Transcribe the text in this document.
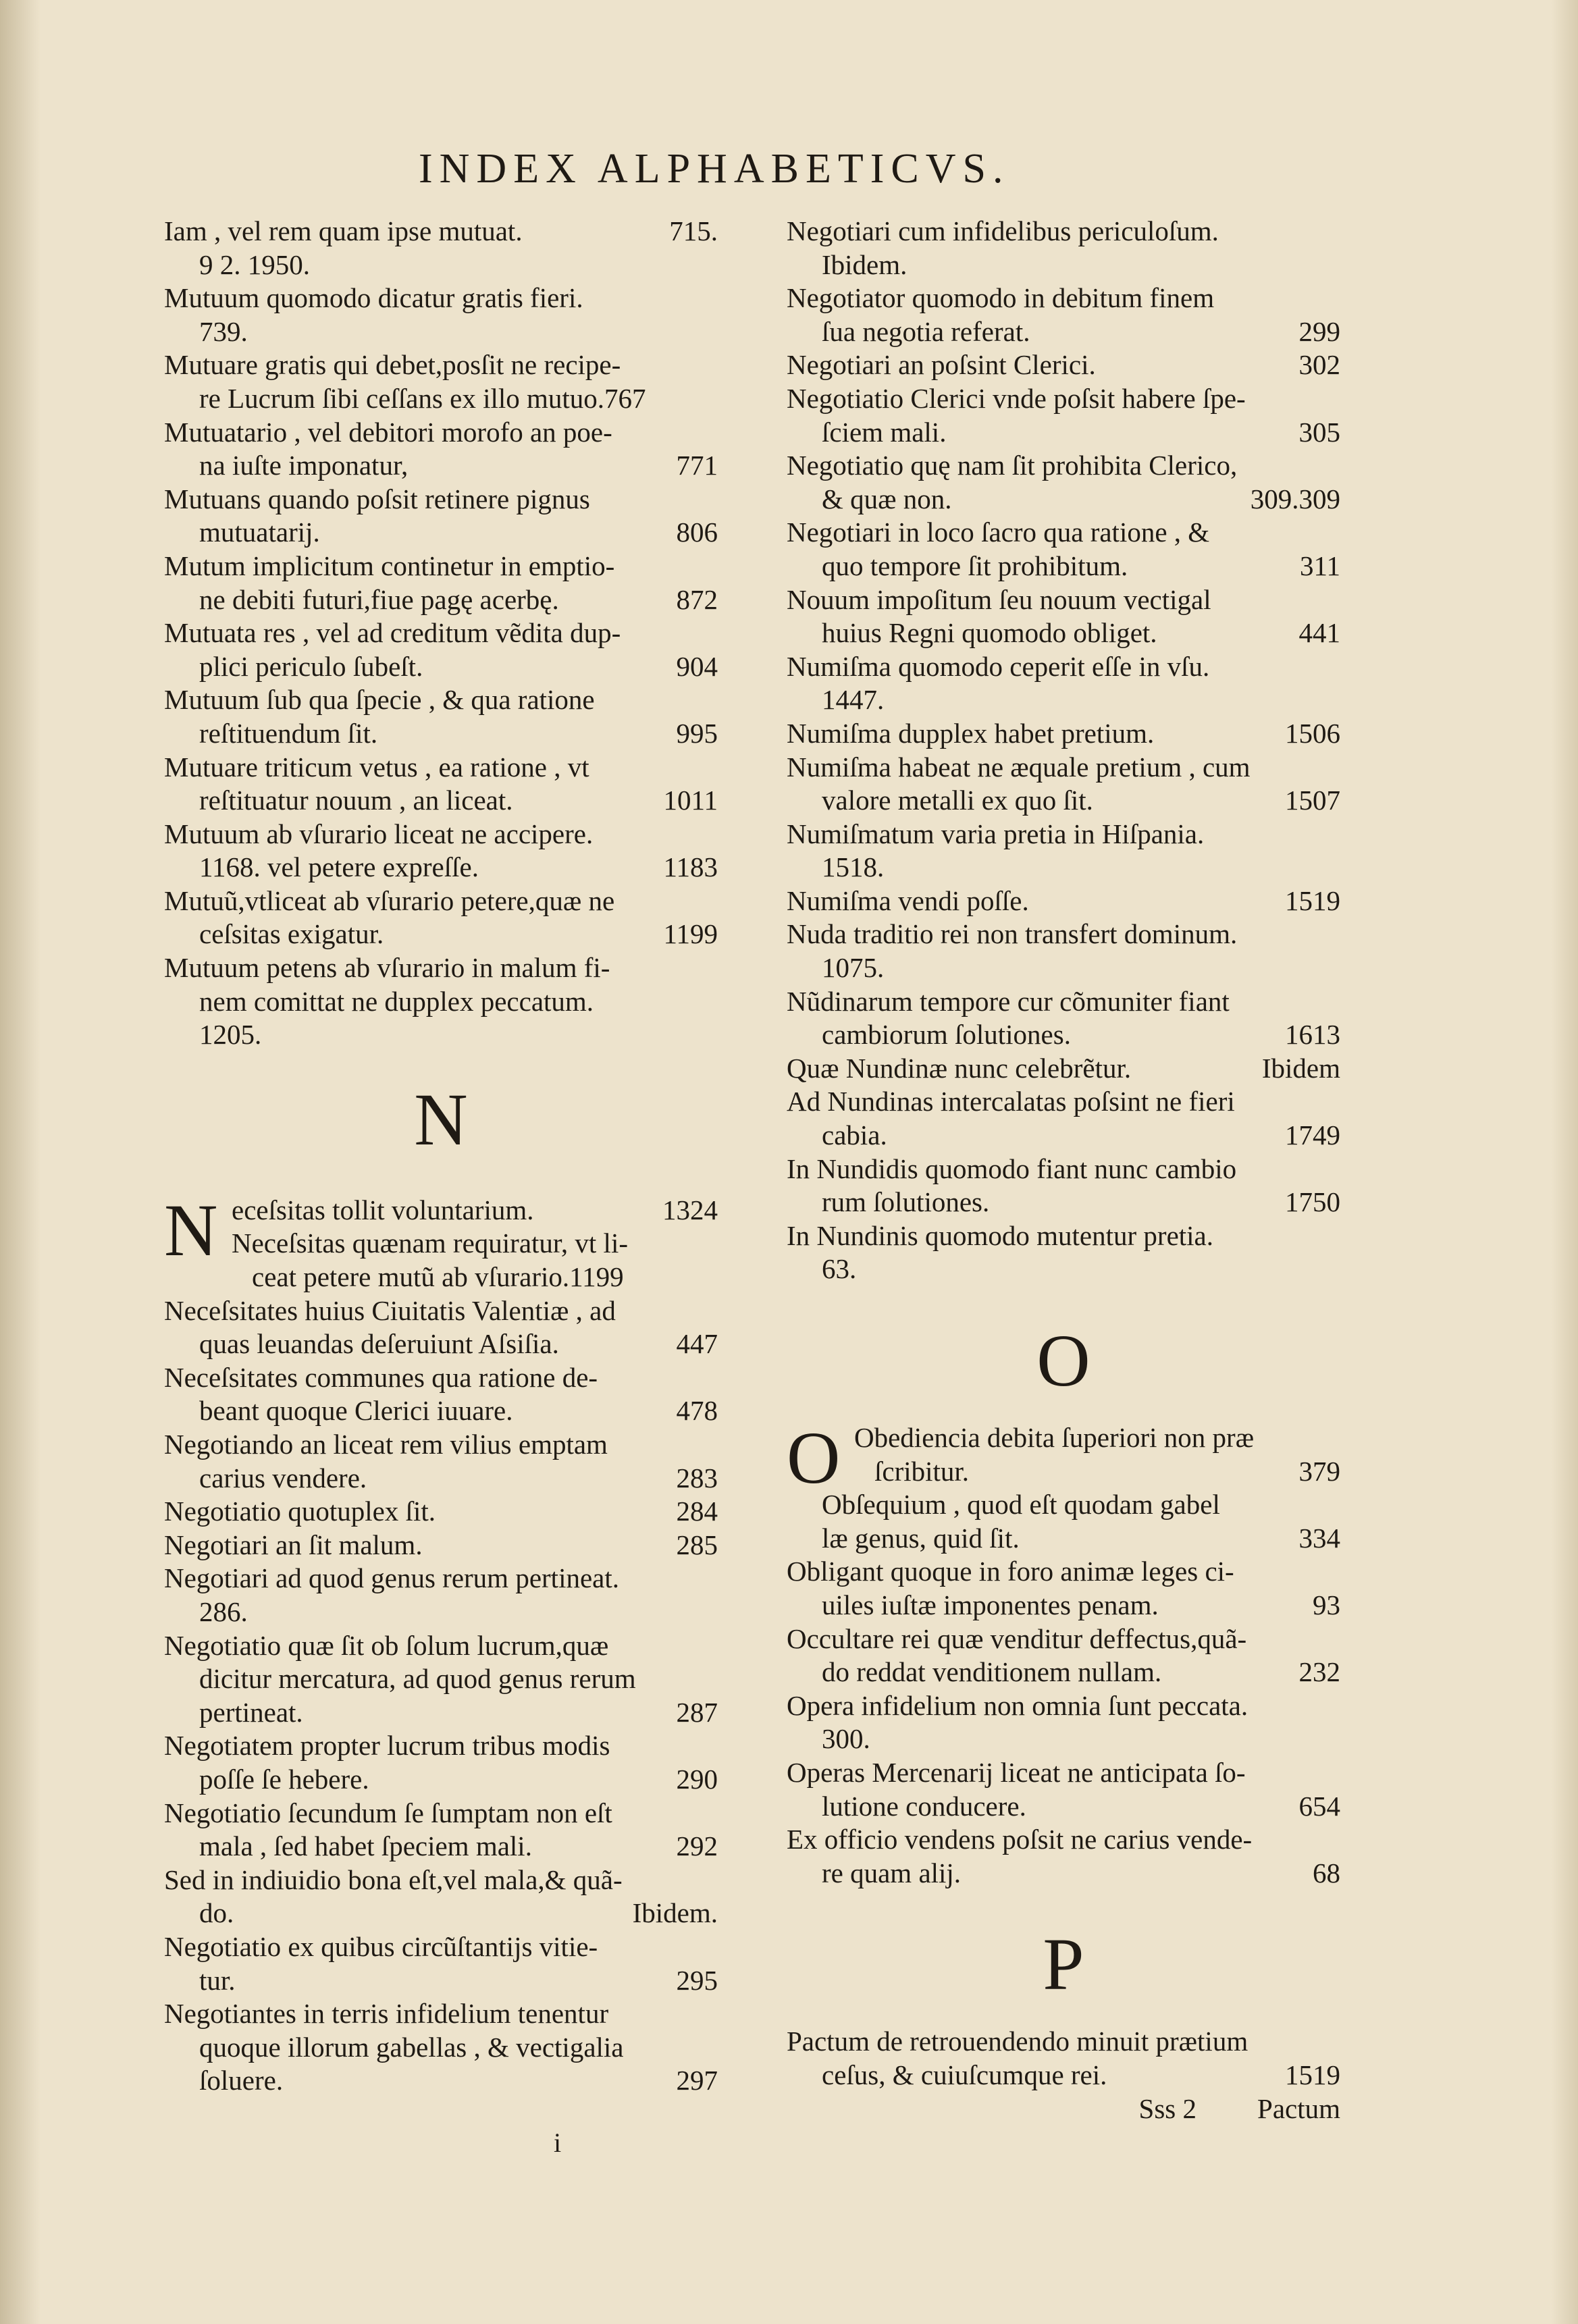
INDEX ALPHABETICVS.
Iam , vel rem quam ipse mutuat.	715.
9 2. 1950.
Mutuum quomodo dicatur gratis fieri.
739.
Mutuare gratis qui debet,posſit ne recipe-
re Lucrum ſibi ceſſans ex illo mutuo.767
Mutuatario , vel debitori morofo an poe-
na iuſte imponatur,	771
Mutuans quando poſsit retinere pignus
mutuatarij.	806
Mutum implicitum continetur in emptio-
ne debiti futuri,fiue pagę acerbę.	872
Mutuata res , vel ad creditum vẽdita dup-
plici periculo ſubeſt.	904
Mutuum ſub qua ſpecie , & qua ratione
reſtituendum ſit.	995
Mutuare triticum vetus , ea ratione , vt
reſtituatur nouum , an liceat.	1011
Mutuum ab vſurario liceat ne accipere.
1168. vel petere expreſſe.	1183
Mutuũ,vtliceat ab vſurario petere,quæ ne
ceſsitas exigatur.	1199
Mutuum petens ab vſurario in malum fi-
nem comittat ne dupplex peccatum.
1205.
N
N eceſsitas tollit voluntarium.	1324
Neceſsitas quænam requiratur, vt li-
ceat petere mutũ ab vſurario.1199
Neceſsitates huius Ciuitatis Valentiæ , ad
quas leuandas deſeruiunt Aſsiſia.	447
Neceſsitates communes qua ratione de-
beant quoque Clerici iuuare.	478
Negotiando an liceat rem vilius emptam
carius vendere.	283
Negotiatio quotuplex ſit.	284
Negotiari an ſit malum.	285
Negotiari ad quod genus rerum pertineat.
286.
Negotiatio quæ ſit ob ſolum lucrum,quæ
dicitur mercatura, ad quod genus rerum
pertineat.	287
Negotiatem propter lucrum tribus modis
poſſe ſe hebere.	290
Negotiatio ſecundum ſe ſumptam non eſt
mala , ſed habet ſpeciem mali.	292
Sed in indiuidio bona eſt,vel mala,& quã-
do.	Ibidem.
Negotiatio ex quibus circũſtantijs vitie-
tur.	295
Negotiantes in terris infidelium tenentur
quoque illorum gabellas , & vectigalia
ſoluere.	297
Negotiari cum infidelibus periculoſum.
Ibidem.
Negotiator quomodo in debitum finem
ſua negotia referat.	299
Negotiari an poſsint Clerici.	302
Negotiatio Clerici vnde poſsit habere ſpe-
ſciem mali.	305
Negotiatio quę nam ſit prohibita Clerico,
& quæ non.	309.309
Negotiari in loco ſacro qua ratione , &
quo tempore ſit prohibitum.	311
Nouum impoſitum ſeu nouum vectigal
huius Regni quomodo obliget.	441
Numiſma quomodo ceperit eſſe in vſu.
1447.
Numiſma dupplex habet pretium.	1506
Numiſma habeat ne æquale pretium , cum
valore metalli ex quo ſit.	1507
Numiſmatum varia pretia in Hiſpania.
1518.
Numiſma vendi poſſe.	1519
Nuda traditio rei non transfert dominum.
1075.
Nũdinarum tempore cur cõmuniter fiant
cambiorum ſolutiones.	1613
Quæ Nundinæ nunc celebrẽtur.	Ibidem
Ad Nundinas intercalatas poſsint ne fieri
cabia.	1749
In Nundidis quomodo fiant nunc cambio
rum ſolutiones.	1750
In Nundinis quomodo mutentur pretia.
63.
O
O Obediencia debita ſuperiori non præ
ſcribitur.	379
Obſequium , quod eſt quodam gabel
læ genus, quid ſit.	334
Obligant quoque in foro animæ leges ci-
uiles iuſtæ imponentes penam.	93
Occultare rei quæ venditur deffectus,quã-
do reddat venditionem nullam.	232
Opera infidelium non omnia ſunt peccata.
300.
Operas Mercenarij liceat ne anticipata ſo-
lutione conducere.	654
Ex officio vendens poſsit ne carius vende-
re quam alij.	68
P
Pactum de retrouendendo minuit prætium
ceſus, & cuiuſcumque rei.	1519
Sss 2 Pactum
i
